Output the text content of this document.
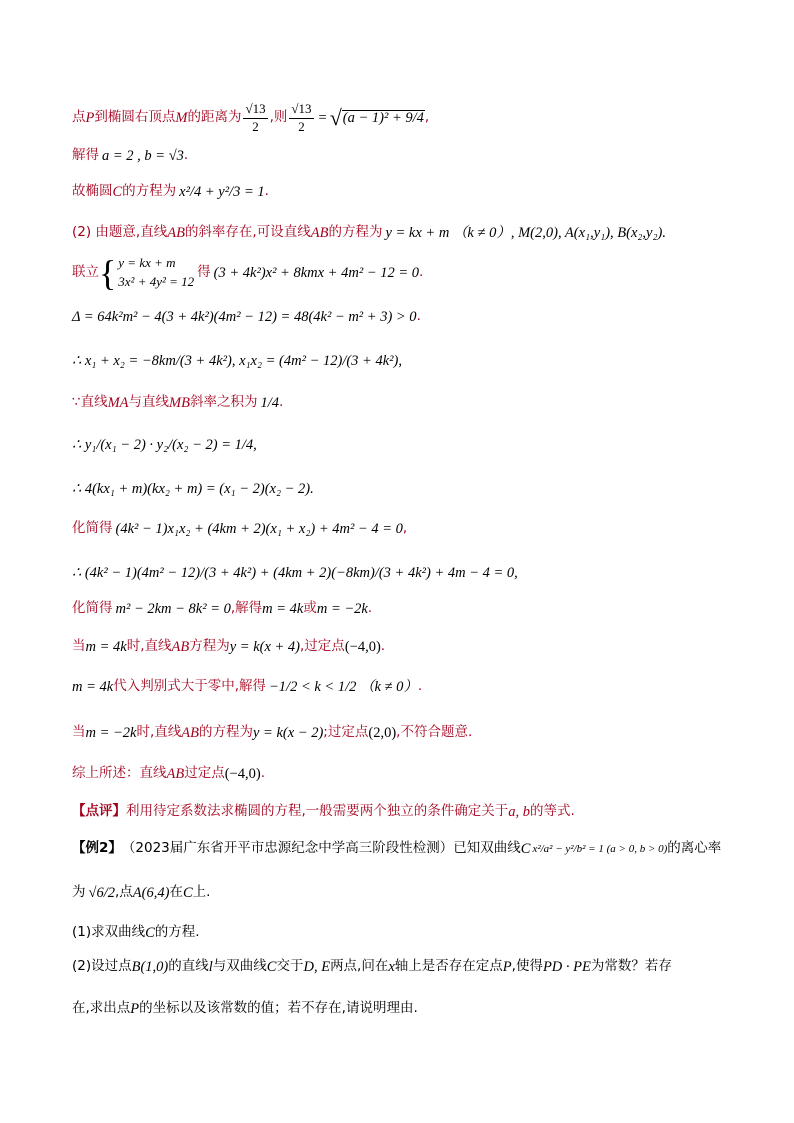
点 P 到椭圆右顶点 M 的距离为
√13
2
,则 $\frac{√13}{2}$ = √ (a − 1)² + 9/4 ,
解得 a = 2 , b = √3 .
故椭圆 C 的方程为 x²/4 + y²/3 = 1 .
(2) 由题意,直线 AB 的斜率存在,可设直线 AB 的方程为 y = kx + m （k ≠ 0） , M(2,0), A(x₁,y₁), B(x₂,y₂).
联立 { y = kx + m
3x² + 4y² = 12
得 (3 + 4k²)x² + 8kmx + 4m² − 12 = 0 .
Δ = 64k²m² − 4(3 + 4k²)(4m² − 12) = 48(4k² − m² + 3) > 0 .
∴ x₁ + x₂ = −8km/(3 + 4k²), x₁x₂ = (4m² − 12)/(3 + 4k²),
∵直线 MA 与直线 MB 斜率之积为 1/4 .
∴ y₁/(x₁ − 2) · y₂/(x₂ − 2) = 1/4,
∴ 4(kx₁ + m)(kx₂ + m) = (x₁ − 2)(x₂ − 2).
化简得 (4k² − 1)x₁x₂ + (4km + 2)(x₁ + x₂) + 4m² − 4 = 0 ,
∴ (4k² − 1)(4m² − 12)/(3 + 4k²) + (4km + 2)(−8km)/(3 + 4k²) + 4m − 4 = 0,
化简得 m² − 2km − 8k² = 0 ,解得 m = 4k 或 m = −2k .
当 m = 4k 时,直线 AB 方程为 y = k(x + 4) ,过定点 (−4,0) .
m = 4k 代入判别式大于零中,解得 −1/2 < k < 1/2 （k ≠ 0） .
当 m = −2k 时,直线 AB 的方程为 y = k(x − 2) ;过定点 (2,0) ,不符合题意 .
综上所述：直线 AB 过定点 (−4,0) .
【点评】 利用待定系数法求椭圆的方程,一般需要两个独立的条件确定关于 a, b 的等式.
【例2】 （2023届广东省开平市忠源纪念中学高三阶段性检测）已知双曲线 C x²/a² − y²/b² = 1 (a > 0, b > 0) 的离心率
为 √6/2 ,点 A(6,4) 在 C 上.
(1)求双曲线 C 的方程.
(2)设过点 B(1,0) 的直线 l 与双曲线 C 交于 D, E 两点,问在 x 轴上是否存在定点 P ,使得 PD · PE 为常数？若存
在,求出点 P 的坐标以及该常数的值；若不存在,请说明理由.
